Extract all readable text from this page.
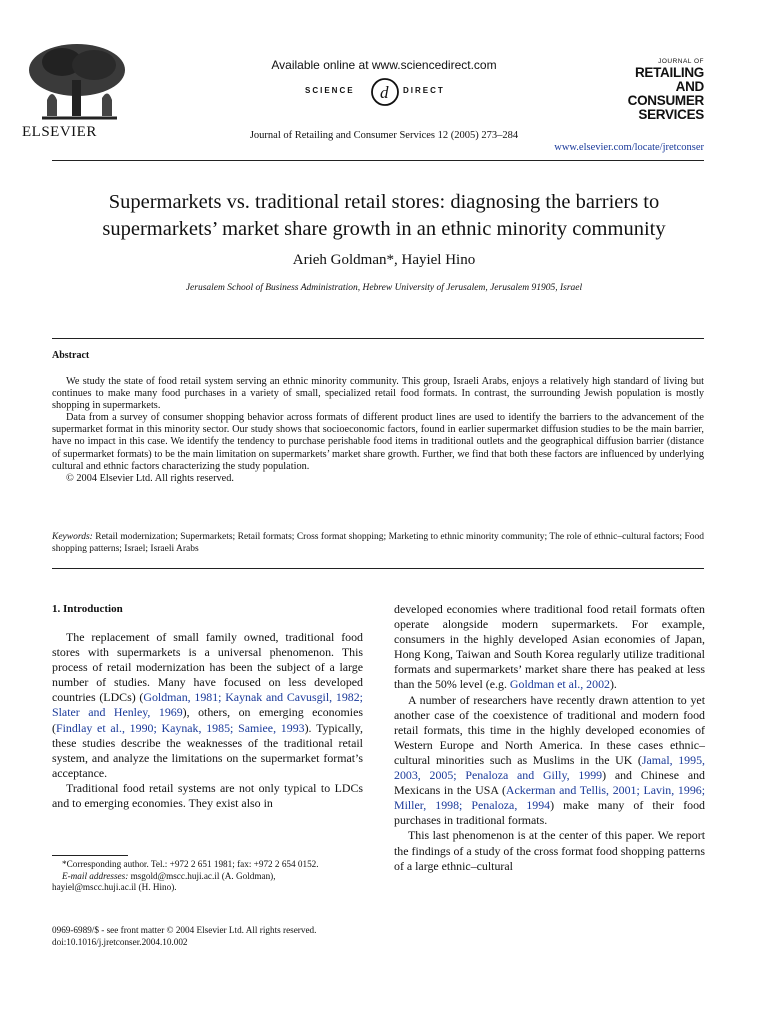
ELSEVIER
Available online at www.sciencedirect.com
SCIENCE d DIRECT
Journal of Retailing and Consumer Services 12 (2005) 273–284
JOURNAL OF
RETAILING
AND
CONSUMER
SERVICES
www.elsevier.com/locate/jretconser
Supermarkets vs. traditional retail stores: diagnosing the barriers to
supermarkets’ market share growth in an ethnic minority community
Arieh Goldman*, Hayiel Hino
Jerusalem School of Business Administration, Hebrew University of Jerusalem, Jerusalem 91905, Israel
Abstract

We study the state of food retail system serving an ethnic minority community. This group, Israeli Arabs, enjoys a relatively high standard of living but continues to make many food purchases in a variety of small, specialized retail food formats. In contrast, the surrounding Jewish population is mostly shopping in supermarkets.

Data from a survey of consumer shopping behavior across formats of different product lines are used to identify the barriers to the advancement of the supermarket format in this minority sector. Our study shows that socioeconomic factors, found in earlier supermarket diffusion studies to be the main barrier, have no impact in this case. We identify the tendency to purchase perishable food items in traditional outlets and the geographical diffusion barrier (distance of supermarket formats) to be the main limitation on supermarkets’ market share growth. Further, we find that both these factors are influenced by underlying cultural and ethnic factors characterizing the study population.

© 2004 Elsevier Ltd. All rights reserved.

Keywords: Retail modernization; Supermarkets; Retail formats; Cross format shopping; Marketing to ethnic minority community; The role of ethnic–cultural factors; Food shopping patterns; Israel; Israeli Arabs
1. Introduction

The replacement of small family owned, traditional food stores with supermarkets is a universal phenomenon. This process of retail modernization has been the subject of a large number of studies. Many have focused on less developed countries (LDCs) (Goldman, 1981; Kaynak and Cavusgil, 1982; Slater and Henley, 1969), others, on emerging economies (Findlay et al., 1990; Kaynak, 1985; Samiee, 1993). Typically, these studies describe the weaknesses of the traditional retail system, and analyze the limitations on the supermarket format’s acceptance.

Traditional food retail systems are not only typical to LDCs and to emerging economies. They exist also in

developed economies where traditional food retail formats often operate alongside modern supermarkets. For example, consumers in the highly developed Asian economies of Japan, Hong Kong, Taiwan and South Korea regularly utilize traditional formats and supermarkets’ market share there has peaked at less than the 50% level (e.g. Goldman et al., 2002).

A number of researchers have recently drawn attention to yet another case of the coexistence of traditional and modern food retail formats, this time in the highly developed economies of Western Europe and North America. In these cases ethnic–cultural minorities such as Muslims in the UK (Jamal, 1995, 2003, 2005; Penaloza and Gilly, 1999) and Chinese and Mexicans in the USA (Ackerman and Tellis, 2001; Lavin, 1996; Miller, 1998; Penaloza, 1994) make many of their food purchases in traditional formats.

This last phenomenon is at the center of this paper. We report the findings of a study of the cross format food shopping patterns of a large ethnic–cultural

*Corresponding author. Tel.: +972 2 651 1981; fax: +972 2 654 0152.

E-mail addresses: msgold@mscc.huji.ac.il (A. Goldman),

hayiel@mscc.huji.ac.il (H. Hino).

0969-6989/$ - see front matter © 2004 Elsevier Ltd. All rights reserved.

doi:10.1016/j.jretconser.2004.10.002
